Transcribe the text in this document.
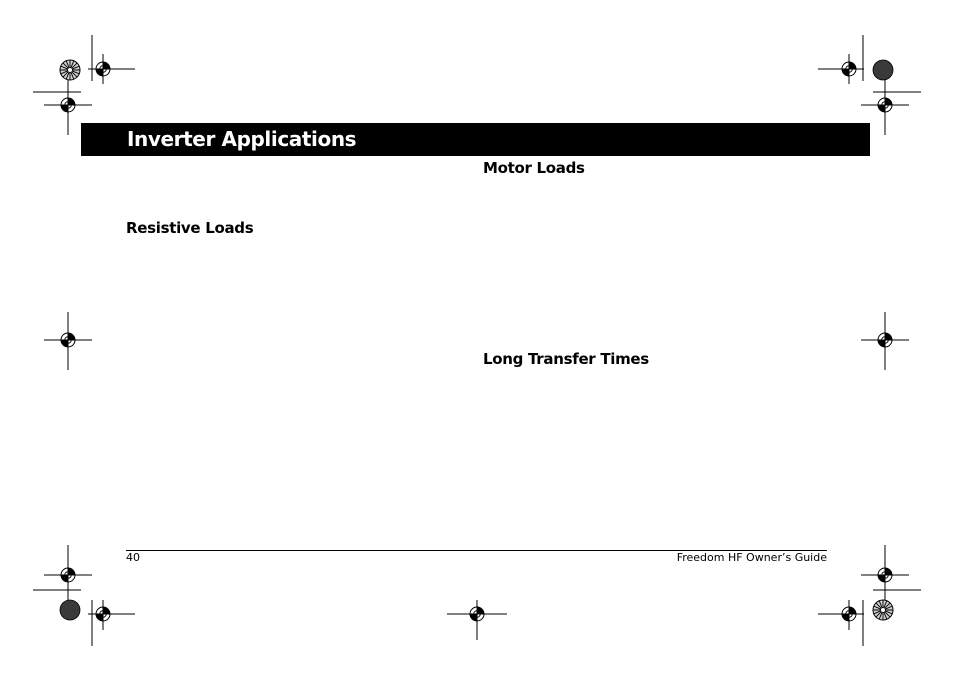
Inverter Applications
Resistive Loads
Motor Loads
Long Transfer Times
40	Freedom HF Owner’s Guide
